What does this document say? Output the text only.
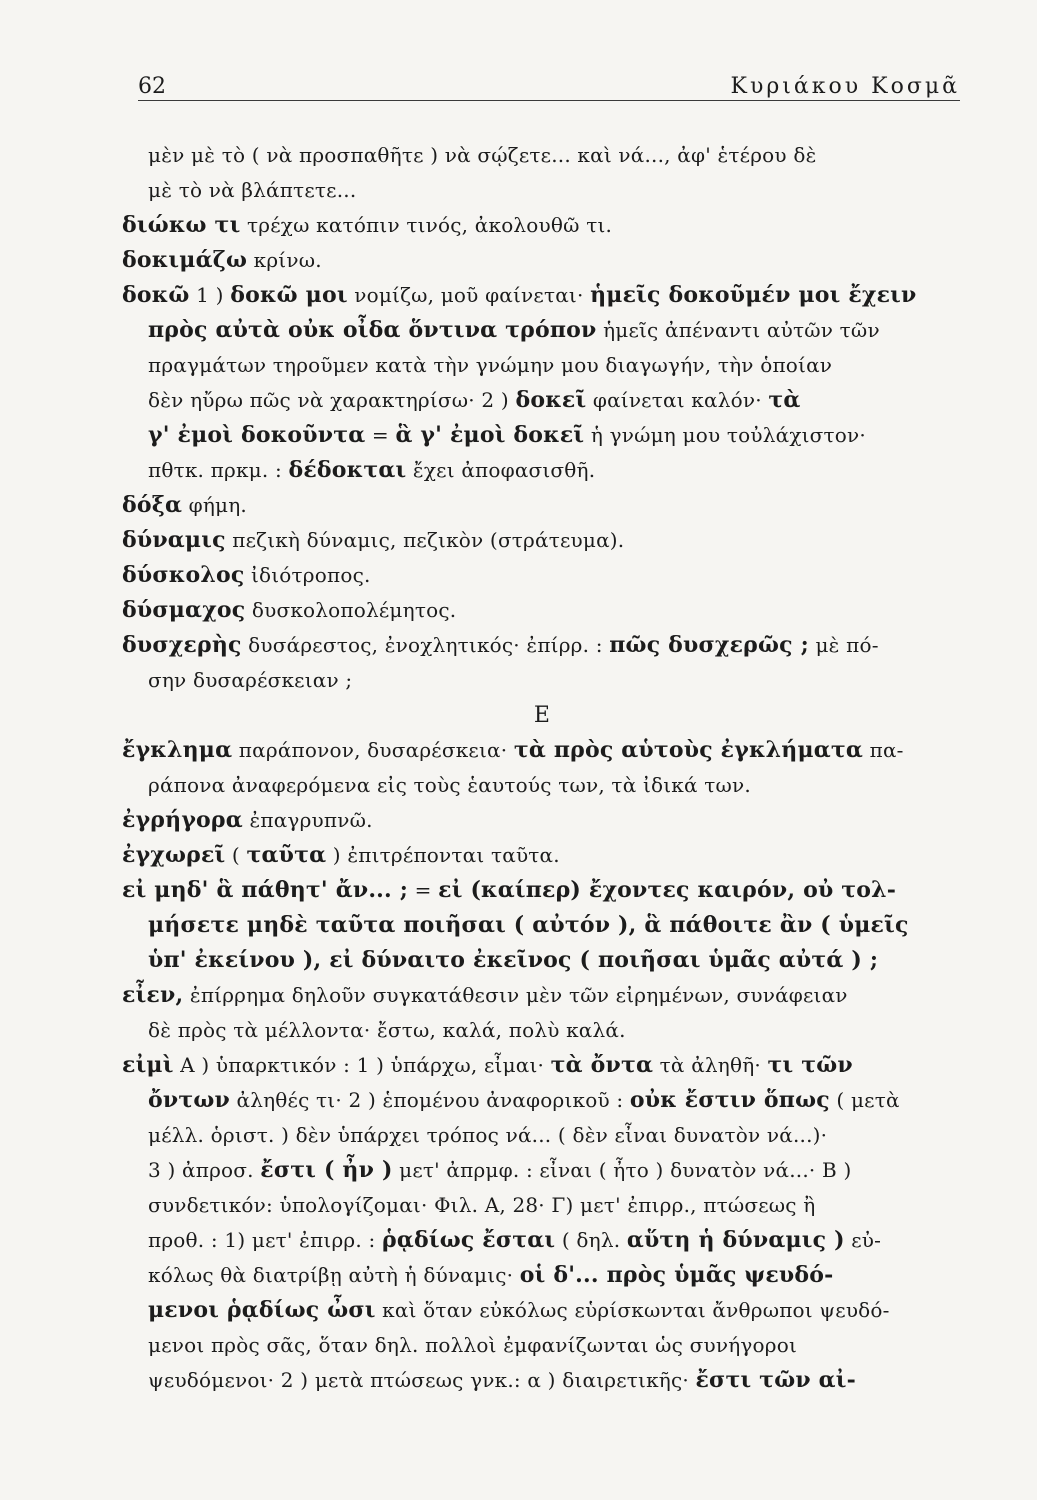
62	Κυριάκου Κοσμᾶ
μὲν μὲ τὸ ( νὰ προσπαθῆτε ) νὰ σῴζετε... καὶ νά..., ἀφ' ἑτέρου δὲ
μὲ τὸ νὰ βλάπτετε...
διώκω τι τρέχω κατόπιν τινός, ἀκολουθῶ τι.
δοκιμάζω κρίνω.
δοκῶ 1 ) δοκῶ μοι νομίζω, μοῦ φαίνεται· ἡμεῖς δοκοῦμέν μοι ἔχειν
πρὸς αὐτὰ οὐκ οἶδα ὅντινα τρόπον ἡμεῖς ἀπέναντι αὐτῶν τῶν
πραγμάτων τηροῦμεν κατὰ τὴν γνώμην μου διαγωγήν, τὴν ὁποίαν
δὲν ηὔρω πῶς νὰ χαρακτηρίσω· 2 ) δοκεῖ φαίνεται καλόν· τὰ
γ' ἐμοὶ δοκοῦντα = ἃ γ' ἐμοὶ δοκεῖ ἡ γνώμη μου τοὐλάχιστον·
πθτκ. πρκμ. : δέδοκται ἔχει ἀποφασισθῆ.
δόξα φήμη.
δύναμις πεζικὴ δύναμις, πεζικὸν (στράτευμα).
δύσκολος ἰδιότροπος.
δύσμαχος δυσκολοπολέμητος.
δυσχερὴς δυσάρεστος, ἐνοχλητικός· ἐπίρρ. : πῶς δυσχερῶς ; μὲ πό-
σην δυσαρέσκειαν ;
Ε
ἔγκλημα παράπονον, δυσαρέσκεια· τὰ πρὸς αὑτοὺς ἐγκλήματα πα-
ράπονα ἀναφερόμενα εἰς τοὺς ἑαυτούς των, τὰ ἰδικά των.
ἐγρήγορα ἐπαγρυπνῶ.
ἐγχωρεῖ ( ταῦτα ) ἐπιτρέπονται ταῦτα.
εἰ μηδ' ἃ πάθητ' ἄν... ; = εἰ (καίπερ) ἔχοντες καιρόν, οὐ τολ-
μήσετε μηδὲ ταῦτα ποιῆσαι ( αὐτόν ), ἃ πάθοιτε ἂν ( ὑμεῖς
ὑπ' ἐκείνου ), εἰ δύναιτο ἐκεῖνος ( ποιῆσαι ὑμᾶς αὐτά ) ;
εἶεν, ἐπίρρημα δηλοῦν συγκατάθεσιν μὲν τῶν εἰρημένων, συνάφειαν
δὲ πρὸς τὰ μέλλοντα· ἔστω, καλά, πολὺ καλά.
εἰμὶ Α ) ὑπαρκτικόν : 1 ) ὑπάρχω, εἶμαι· τὰ ὄντα τὰ ἀληθῆ· τι τῶν
ὄντων ἀληθές τι· 2 ) ἑπομένου ἀναφορικοῦ : οὐκ ἔστιν ὅπως ( μετὰ
μέλλ. ὁριστ. ) δὲν ὑπάρχει τρόπος νά... ( δὲν εἶναι δυνατὸν νά...)·
3 ) ἀπροσ. ἔστι ( ἦν ) μετ' ἀπρμφ. : εἶναι ( ἦτο ) δυνατὸν νά...· Β )
συνδετικόν: ὑπολογίζομαι· Φιλ. Α, 28· Γ) μετ' ἐπιρρ., πτώσεως ἢ
προθ. : 1) μετ' ἐπιρρ. : ῥᾳδίως ἔσται ( δηλ. αὕτη ἡ δύναμις ) εὐ-
κόλως θὰ διατρίβῃ αὐτὴ ἡ δύναμις· οἱ δ'... πρὸς ὑμᾶς ψευδό-
μενοι ῥᾳδίως ὦσι καὶ ὅταν εὐκόλως εὑρίσκωνται ἄνθρωποι ψευδό-
μενοι πρὸς σᾶς, ὅταν δηλ. πολλοὶ ἐμφανίζωνται ὡς συνήγοροι
ψευδόμενοι· 2 ) μετὰ πτώσεως γνκ.: α ) διαιρετικῆς· ἔστι τῶν αἰ-
